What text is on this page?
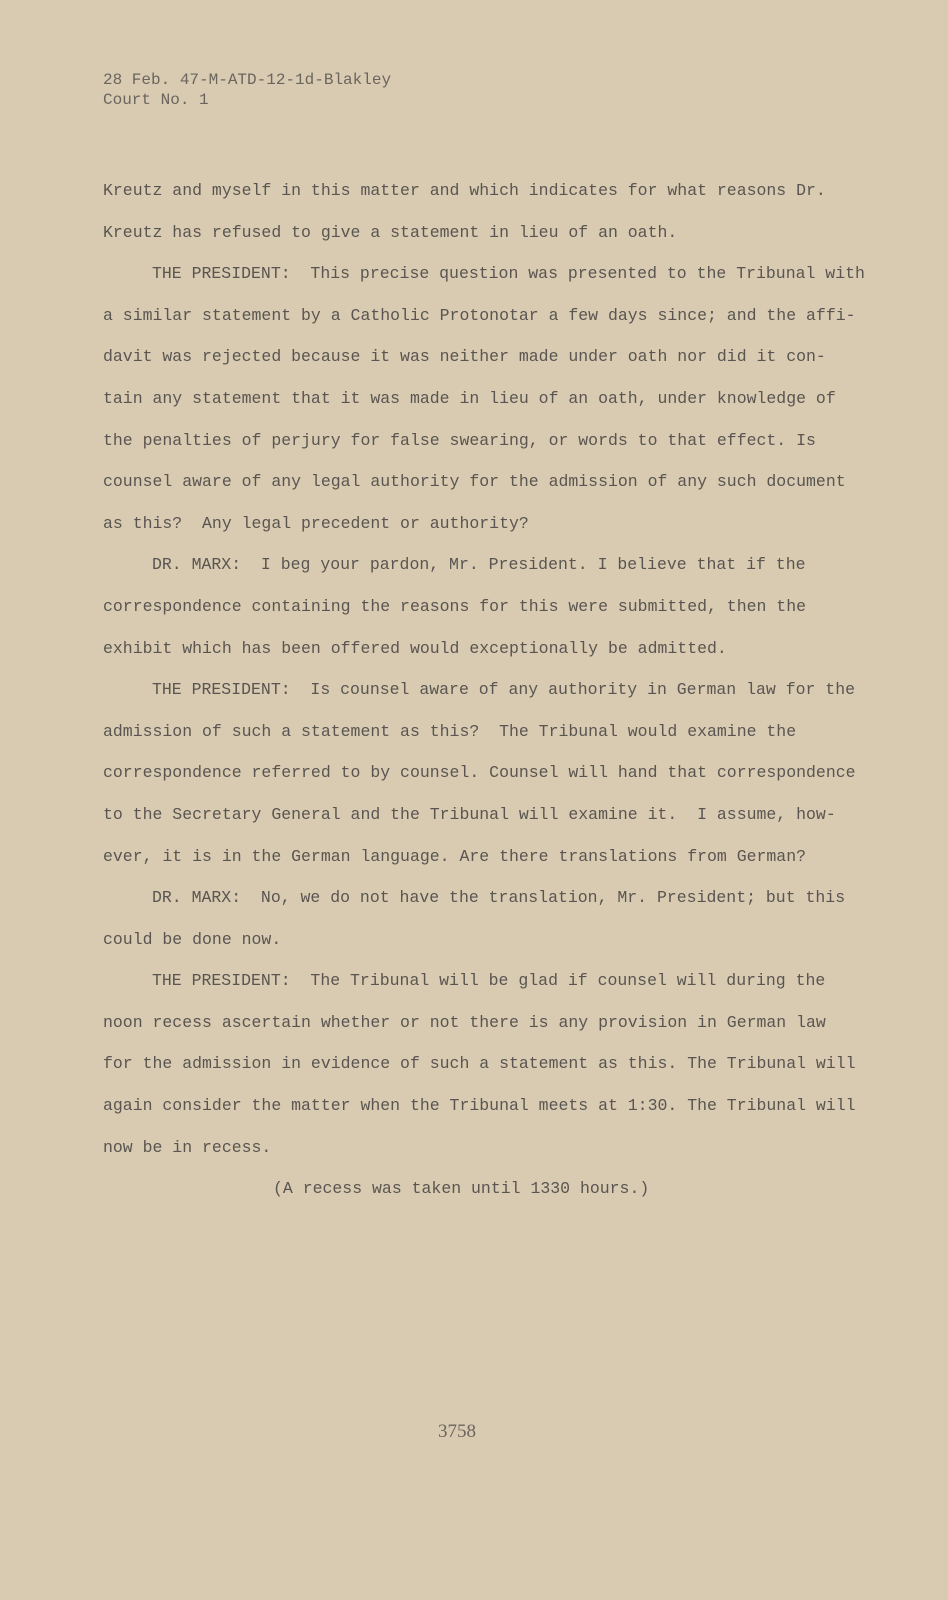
28 Feb. 47-M-ATD-12-1d-Blakley
Court No. 1
Kreutz and myself in this matter and which indicates for what reasons Dr.
Kreutz has refused to give a statement in lieu of an oath.
THE PRESIDENT:  This precise question was presented to the Tribunal with
a similar statement by a Catholic Protonotar a few days since; and the affi-
davit was rejected because it was neither made under oath nor did it con-
tain any statement that it was made in lieu of an oath, under knowledge of
the penalties of perjury for false swearing, or words to that effect. Is
counsel aware of any legal authority for the admission of any such document
as this?  Any legal precedent or authority?
DR. MARX:  I beg your pardon, Mr. President. I believe that if the
correspondence containing the reasons for this were submitted, then the
exhibit which has been offered would exceptionally be admitted.
THE PRESIDENT:  Is counsel aware of any authority in German law for the
admission of such a statement as this?  The Tribunal would examine the
correspondence referred to by counsel. Counsel will hand that correspondence
to the Secretary General and the Tribunal will examine it.  I assume, how-
ever, it is in the German language. Are there translations from German?
DR. MARX:  No, we do not have the translation, Mr. President; but this
could be done now.
THE PRESIDENT:  The Tribunal will be glad if counsel will during the
noon recess ascertain whether or not there is any provision in German law
for the admission in evidence of such a statement as this. The Tribunal will
again consider the matter when the Tribunal meets at 1:30. The Tribunal will
now be in recess.
(A recess was taken until 1330 hours.)
3758
